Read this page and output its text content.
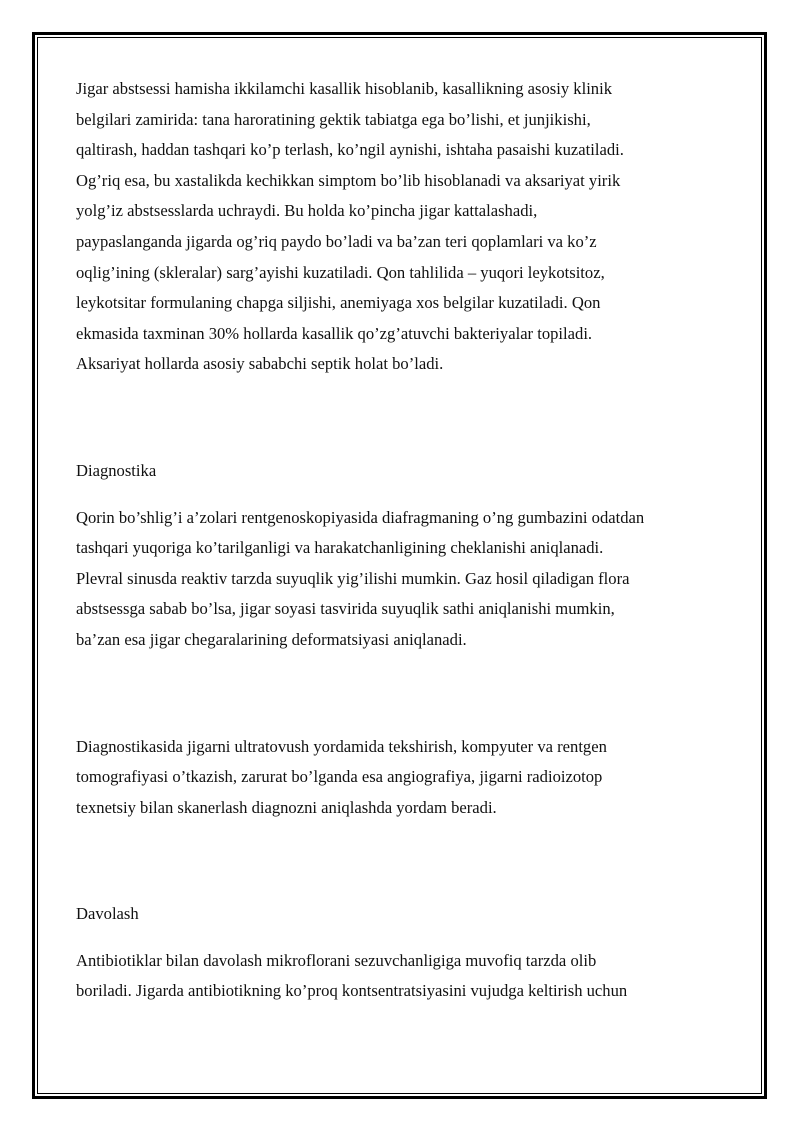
Jigar abstsessi hamisha ikkilamchi kasallik hisoblanib, kasallikning asosiy klinik
belgilari zamirida: tana haroratining gektik tabiatga ega bo’lishi, et junjikishi,
qaltirash, haddan tashqari ko’p terlash, ko’ngil aynishi, ishtaha pasaishi kuzatiladi.
Og’riq esa, bu xastalikda kechikkan simptom bo’lib hisoblanadi va aksariyat yirik
yolg’iz abstsesslarda uchraydi. Bu holda ko’pincha jigar kattalashadi,
paypaslanganda jigarda og’riq paydo bo’ladi va ba’zan teri qoplamlari va ko’z
oqlig’ining (skleralar) sarg’ayishi kuzatiladi. Qon tahlilida – yuqori leykotsitoz,
leykotsitar formulaning chapga siljishi, anemiyaga xos belgilar kuzatiladi. Qon
ekmasida taxminan 30% hollarda kasallik qo’zg’atuvchi bakteriyalar topiladi.
Aksariyat hollarda asosiy sababchi septik holat bo’ladi.
Diagnostika
Qorin bo’shlig’i a’zolari rentgenoskopiyasida diafragmaning o’ng gumbazini odatdan
tashqari yuqoriga ko’tarilganligi va harakatchanligining cheklanishi aniqlanadi.
Plevral sinusda reaktiv tarzda suyuqlik yig’ilishi mumkin. Gaz hosil qiladigan flora
abstsessga sabab bo’lsa, jigar soyasi tasvirida suyuqlik sathi aniqlanishi mumkin,
ba’zan esa jigar chegaralarining deformatsiyasi aniqlanadi.
Diagnostikasida jigarni ultratovush yordamida tekshirish, kompyuter va rentgen
tomografiyasi o’tkazish, zarurat bo’lganda esa angiografiya, jigarni radioizotop
texnetsiy bilan skanerlash diagnozni aniqlashda yordam beradi.
Davolash
Antibiotiklar bilan davolash mikroflorani sezuvchanligiga muvofiq tarzda olib
boriladi. Jigarda antibiotikning ko’proq kontsentratsiyasini vujudga keltirish uchun
